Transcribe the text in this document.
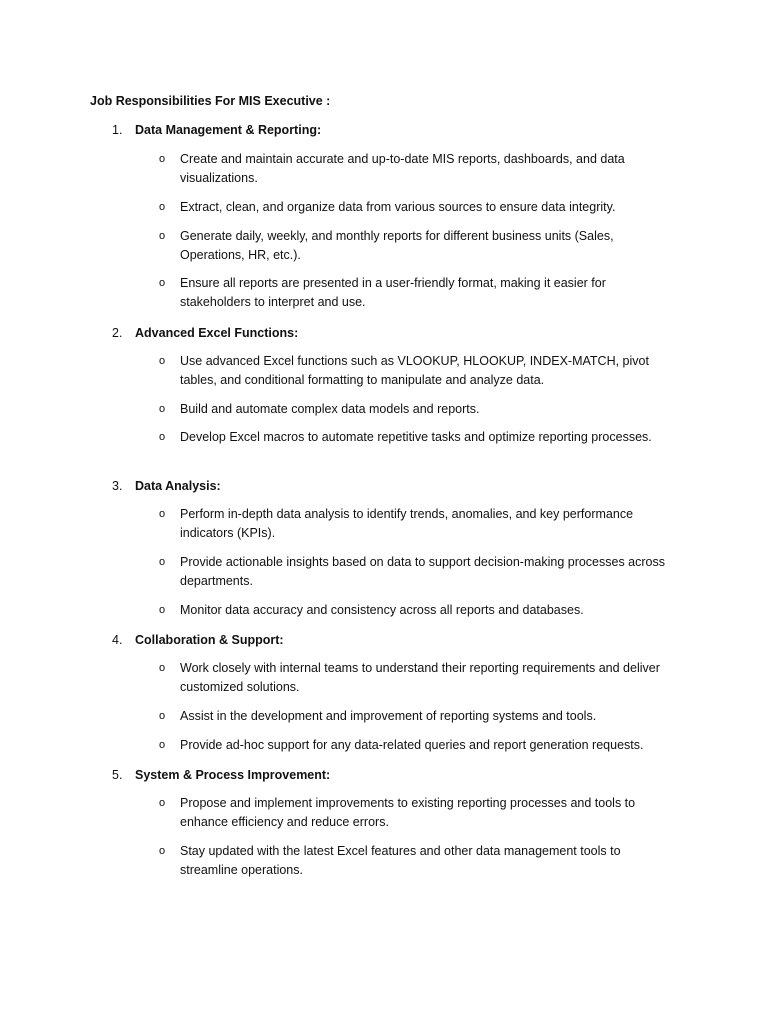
Job Responsibilities For MIS Executive :
1.	Data Management & Reporting:
o Create and maintain accurate and up-to-date MIS reports, dashboards, and data visualizations.
o Extract, clean, and organize data from various sources to ensure data integrity.
o Generate daily, weekly, and monthly reports for different business units (Sales, Operations, HR, etc.).
o Ensure all reports are presented in a user-friendly format, making it easier for stakeholders to interpret and use.
2.	Advanced Excel Functions:
o Use advanced Excel functions such as VLOOKUP, HLOOKUP, INDEX-MATCH, pivot tables, and conditional formatting to manipulate and analyze data.
o Build and automate complex data models and reports.
o Develop Excel macros to automate repetitive tasks and optimize reporting processes.
3.	Data Analysis:
o Perform in-depth data analysis to identify trends, anomalies, and key performance indicators (KPIs).
o Provide actionable insights based on data to support decision-making processes across departments.
o Monitor data accuracy and consistency across all reports and databases.
4.	Collaboration & Support:
o Work closely with internal teams to understand their reporting requirements and deliver customized solutions.
o Assist in the development and improvement of reporting systems and tools.
o Provide ad-hoc support for any data-related queries and report generation requests.
5.	System & Process Improvement:
o Propose and implement improvements to existing reporting processes and tools to enhance efficiency and reduce errors.
o Stay updated with the latest Excel features and other data management tools to streamline operations.
